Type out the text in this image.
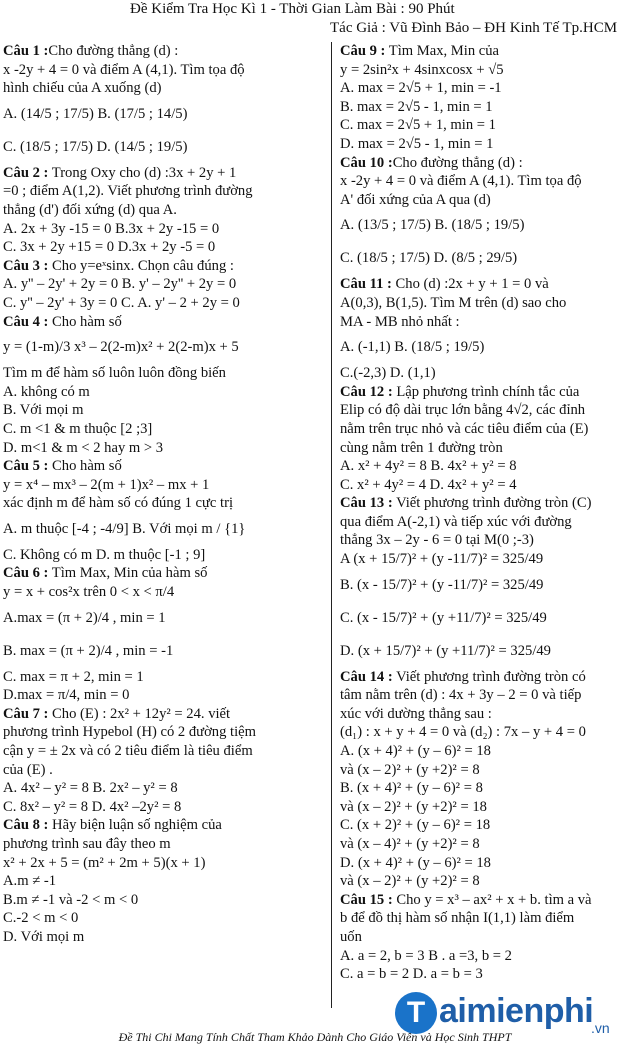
Đề Kiểm Tra Học Kì 1 - Thời Gian Làm Bài : 90 Phút
Tác Giả : Vũ Đình Bảo – ĐH Kinh Tế Tp.HCM
Câu 1 :Cho đường thẳng (d) :
x -2y + 4 = 0 và điểm A (4,1). Tìm tọa độ
hình chiếu của A xuống (d)
A. (14/5 ; 17/5) B. (17/5 ; 14/5)
C. (18/5 ; 17/5) D. (14/5 ; 19/5)
Câu 2 : Trong Oxy cho (d) :3x + 2y + 1
=0 ; điểm A(1,2). Viết phương trình đường
thẳng (d') đối xứng (d) qua A.
A. 2x + 3y -15 = 0 B.3x + 2y -15 = 0
C. 3x + 2y +15 = 0 D.3x + 2y -5 = 0
Câu 3 : Cho y=eˣsinx. Chọn câu đúng :
A. y'' – 2y' + 2y = 0 B. y' – 2y'' + 2y = 0
C. y'' – 2y' + 3y = 0 C. A. y' – 2 + 2y = 0
Câu 4 : Cho hàm số
y = (1-m)/3 x³ – 2(2-m)x² + 2(2-m)x + 5
Tìm m để hàm số luôn luôn đồng biến
A. không có m
B. Với mọi m
C. m <1 & m thuộc [2 ;3]
D. m<1 & m < 2 hay m > 3
Câu 5 : Cho hàm số
y = x⁴ – mx³ – 2(m + 1)x² – mx + 1
xác định m để hàm số có đúng 1 cực trị
A. m thuộc [-4 ; -4/9] B. Với mọi m / {1}
C. Không có m D. m thuộc [-1 ; 9]
Câu 6 : Tìm Max, Min của hàm số
y = x + cos²x trên 0 < x < π/4
A.max = (π + 2)/4 , min = 1
B. max = (π + 2)/4 , min = -1
C. max = π + 2, min = 1
D.max = π/4, min = 0
Câu 7 : Cho (E) : 2x² + 12y² = 24. viết
phương trình Hypebol (H) có 2 đường tiệm
cận y = ± 2x và có 2 tiêu điểm là tiêu điểm
của (E) .
A. 4x² – y² = 8 B. 2x² – y² = 8
C. 8x² – y² = 8 D. 4x² –2y² = 8
Câu 8 : Hãy biện luận số nghiệm của
phương trình sau đây theo m
x² + 2x + 5 = (m² + 2m + 5)(x + 1)
A.m ≠ -1
B.m ≠ -1 và -2 < m < 0
C.-2 < m < 0
D. Với mọi m
Câu 9 : Tìm Max, Min của
y = 2sin²x + 4sinxcosx + √5
A. max = 2√5 + 1, min = -1
B. max = 2√5 - 1, min = 1
C. max = 2√5 + 1, min = 1
D. max = 2√5 - 1, min = 1
Câu 10 :Cho đường thẳng (d) :
x -2y + 4 = 0 và điểm A (4,1). Tìm tọa độ
A' đối xứng của A qua (d)
A. (13/5 ; 17/5) B. (18/5 ; 19/5)
C. (18/5 ; 17/5) D. (8/5 ; 29/5)
Câu 11 : Cho (d) :2x + y + 1 = 0 và
A(0,3), B(1,5). Tìm M trên (d) sao cho
MA - MB nhỏ nhất :
A. (-1,1) B. (18/5 ; 19/5)
C.(-2,3) D. (1,1)
Câu 12 : Lập phương trình chính tắc của
Elip có độ dài trục lớn bằng 4√2, các đỉnh
nằm trên trục nhỏ và các tiêu điểm của (E)
cùng nằm trên 1 đường tròn
A. x² + 4y² = 8 B. 4x² + y² = 8
C. x² + 4y² = 4 D. 4x² + y² = 4
Câu 13 : Viết phương trình đường tròn (C)
qua điểm A(-2,1) và tiếp xúc với đường
thẳng 3x – 2y - 6 = 0 tại M(0 ;-3)
A (x + 15/7)² + (y -11/7)² = 325/49
B. (x - 15/7)² + (y -11/7)² = 325/49
C. (x - 15/7)² + (y +11/7)² = 325/49
D. (x + 15/7)² + (y +11/7)² = 325/49
Câu 14 : Viết phương trình đường tròn có
tâm nằm trên (d) : 4x + 3y – 2 = 0 và tiếp
xúc với dường thẳng sau :
(d₁) : x + y + 4 = 0 và (d₂) : 7x – y + 4 = 0
A. (x + 4)² + (y – 6)² = 18
và (x – 2)² + (y +2)² = 8
B. (x + 4)² + (y – 6)² = 8
và (x – 2)² + (y +2)² = 18
C. (x + 2)² + (y – 6)² = 18
và (x – 4)² + (y +2)² = 8
D. (x + 4)² + (y – 6)² = 18
và (x – 2)² + (y +2)² = 8
Câu 15 : Cho y = x³ – ax² + x + b. tìm a và
b để đồ thị hàm số nhận I(1,1) làm điểm
uốn
A. a = 2, b = 3 B . a =3, b = 2
C. a = b = 2 D. a = b = 3
T aimienphi
.vn
Đề Thi Chi Mang Tính Chất Tham Khảo Dành Cho Giáo Viên và Học Sinh THPT
